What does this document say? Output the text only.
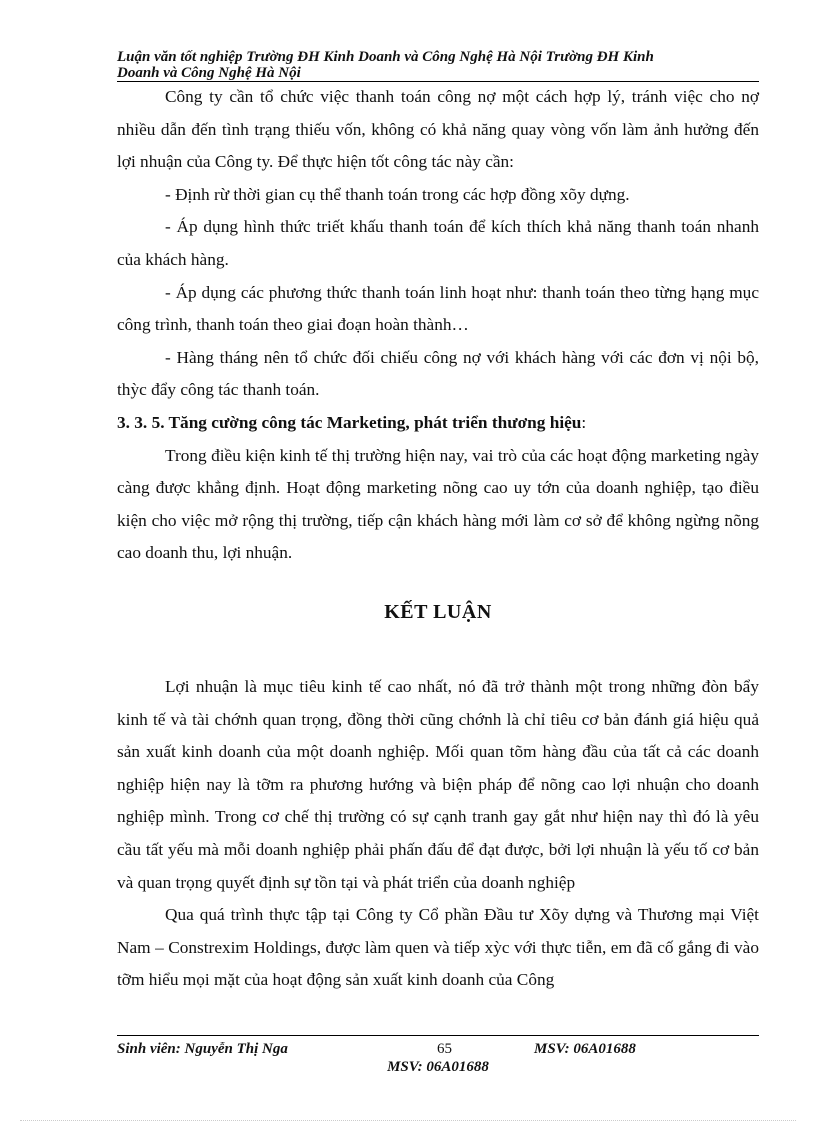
Luận văn tốt nghiệp Trường ĐH Kinh Doanh và Công Nghệ Hà Nội Trường ĐH Kinh
Doanh và Công Nghệ Hà Nội

Công ty cần tổ chức việc thanh toán công nợ một cách hợp lý, tránh việc cho nợ nhiều dẫn đến tình trạng thiếu vốn, không có khả năng quay vòng vốn làm ảnh hưởng đến lợi nhuận của Công ty. Để thực hiện tốt công tác này cần:

- Định rừ thời gian cụ thể thanh toán trong các hợp đồng xõy dựng.

- Áp dụng hình thức triết khấu thanh toán để kích thích khả năng thanh toán nhanh của khách hàng.

- Áp dụng các phương thức thanh toán linh hoạt như: thanh toán theo từng hạng mục công trình, thanh toán theo giai đoạn hoàn thành…

- Hàng tháng nên tổ chức đối chiếu công nợ với khách hàng với các đơn vị nội bộ, thỳc đẩy công tác thanh toán.

3. 3. 5. Tăng cường công tác Marketing, phát triển thương hiệu:

Trong điều kiện kinh tế thị trường hiện nay, vai trò của các hoạt động marketing ngày càng được khẳng định. Hoạt động marketing nõng cao uy tớn của doanh nghiệp, tạo điều kiện cho việc mở rộng thị trường, tiếp cận khách hàng mới làm cơ sở để không ngừng nõng cao doanh thu, lợi nhuận.

KẾT LUẬN

Lợi nhuận là mục tiêu kinh tế cao nhất, nó đã trở thành một trong những đòn bẩy kinh tế và tài chớnh quan trọng, đồng thời cũng chớnh là chỉ tiêu cơ bản đánh giá hiệu quả sản xuất kinh doanh của một doanh nghiệp. Mối quan tõm hàng đầu của tất cả các doanh nghiệp hiện nay là tỡm ra phương hướng và biện pháp để nõng cao lợi nhuận cho doanh nghiệp mình. Trong cơ chế thị trường có sự cạnh tranh gay gắt như hiện nay thì đó là yêu cầu tất yếu mà mỗi doanh nghiệp phải phấn đấu để đạt được, bởi lợi nhuận là yếu tố cơ bản và quan trọng quyết định sự tồn tại và phát triển của doanh nghiệp

Qua quá trình thực tập tại Công ty Cổ phần Đầu tư Xõy dựng và Thương mại Việt Nam – Constrexim Holdings, được làm quen và tiếp xỳc với thực tiễn, em đã cố gắng đi vào tỡm hiểu mọi mặt của hoạt động sản xuất kinh doanh của Công

Sinh viên: Nguyễn Thị Nga	65	MSV: 06A01688
MSV: 06A01688
